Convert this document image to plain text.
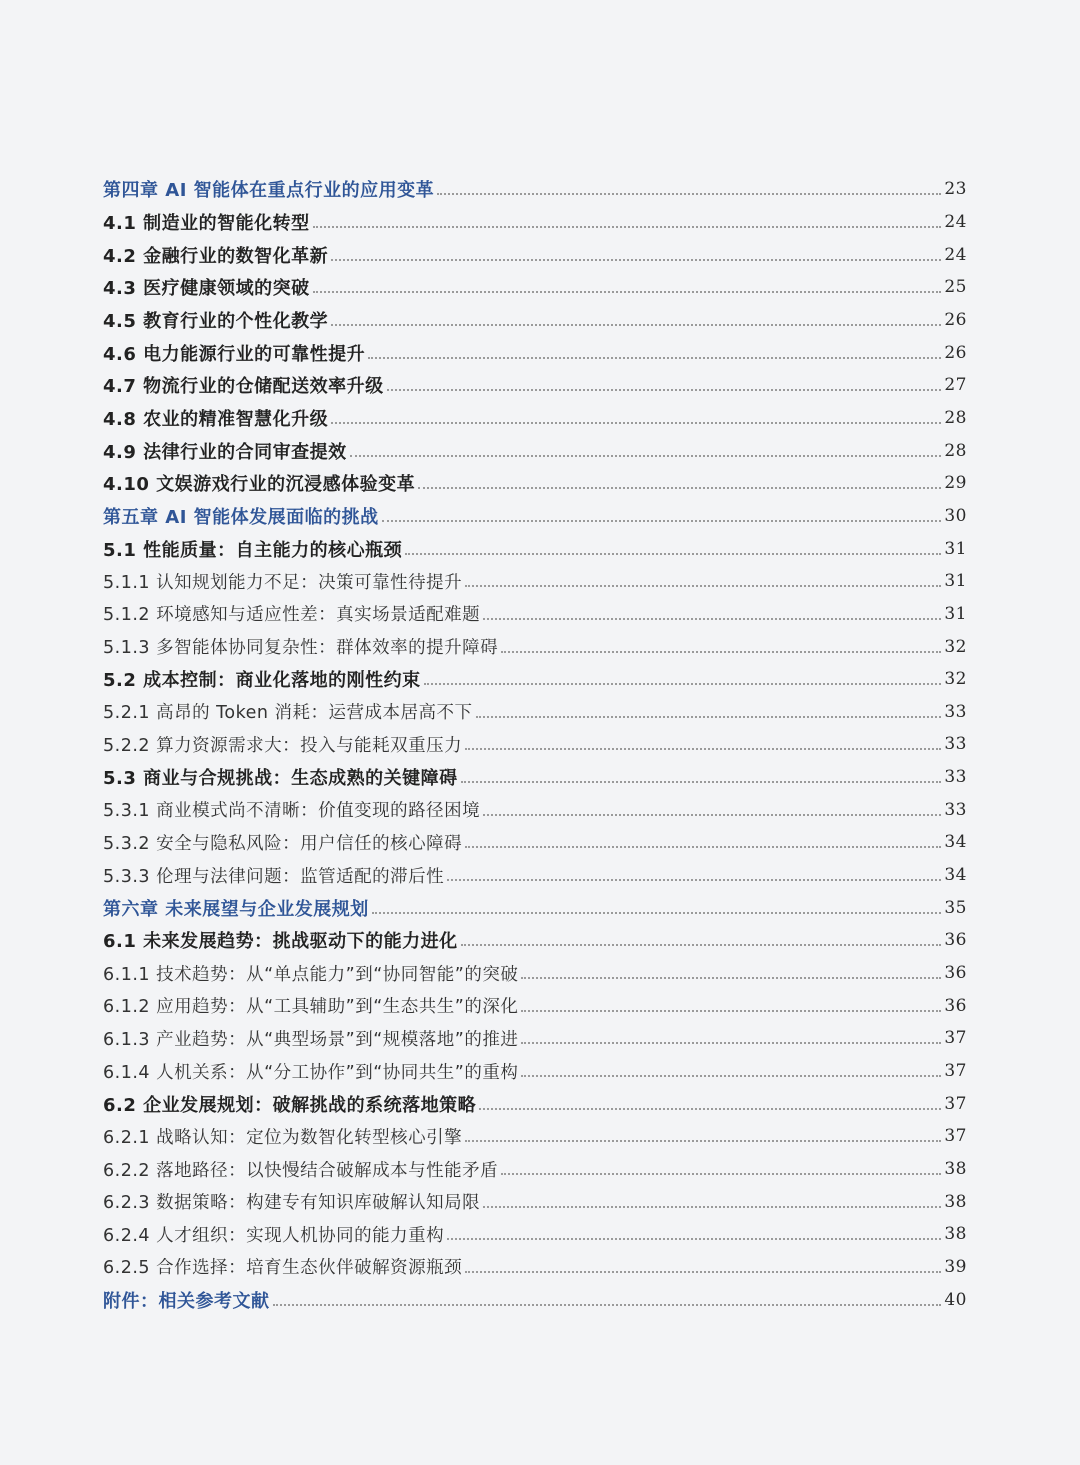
第四章 AI 智能体在重点行业的应用变革	23
4.1 制造业的智能化转型	24
4.2 金融行业的数智化革新	24
4.3 医疗健康领域的突破	25
4.5 教育行业的个性化教学	26
4.6 电力能源行业的可靠性提升	26
4.7 物流行业的仓储配送效率升级	27
4.8 农业的精准智慧化升级	28
4.9 法律行业的合同审查提效	28
4.10 文娱游戏行业的沉浸感体验变革	29
第五章 AI 智能体发展面临的挑战	30
5.1 性能质量：自主能力的核心瓶颈	31
5.1.1 认知规划能力不足：决策可靠性待提升	31
5.1.2 环境感知与适应性差：真实场景适配难题	31
5.1.3 多智能体协同复杂性：群体效率的提升障碍	32
5.2 成本控制：商业化落地的刚性约束	32
5.2.1 高昂的 Token 消耗：运营成本居高不下	33
5.2.2 算力资源需求大：投入与能耗双重压力	33
5.3 商业与合规挑战：生态成熟的关键障碍	33
5.3.1 商业模式尚不清晰：价值变现的路径困境	33
5.3.2 安全与隐私风险：用户信任的核心障碍	34
5.3.3 伦理与法律问题：监管适配的滞后性	34
第六章 未来展望与企业发展规划	35
6.1 未来发展趋势：挑战驱动下的能力进化	36
6.1.1 技术趋势：从“单点能力”到“协同智能”的突破	36
6.1.2 应用趋势：从“工具辅助”到“生态共生”的深化	36
6.1.3 产业趋势：从“典型场景”到“规模落地”的推进	37
6.1.4 人机关系：从“分工协作”到“协同共生”的重构	37
6.2 企业发展规划：破解挑战的系统落地策略	37
6.2.1 战略认知：定位为数智化转型核心引擎	37
6.2.2 落地路径：以快慢结合破解成本与性能矛盾	38
6.2.3 数据策略：构建专有知识库破解认知局限	38
6.2.4 人才组织：实现人机协同的能力重构	38
6.2.5 合作选择：培育生态伙伴破解资源瓶颈	39
附件：相关参考文献	40
